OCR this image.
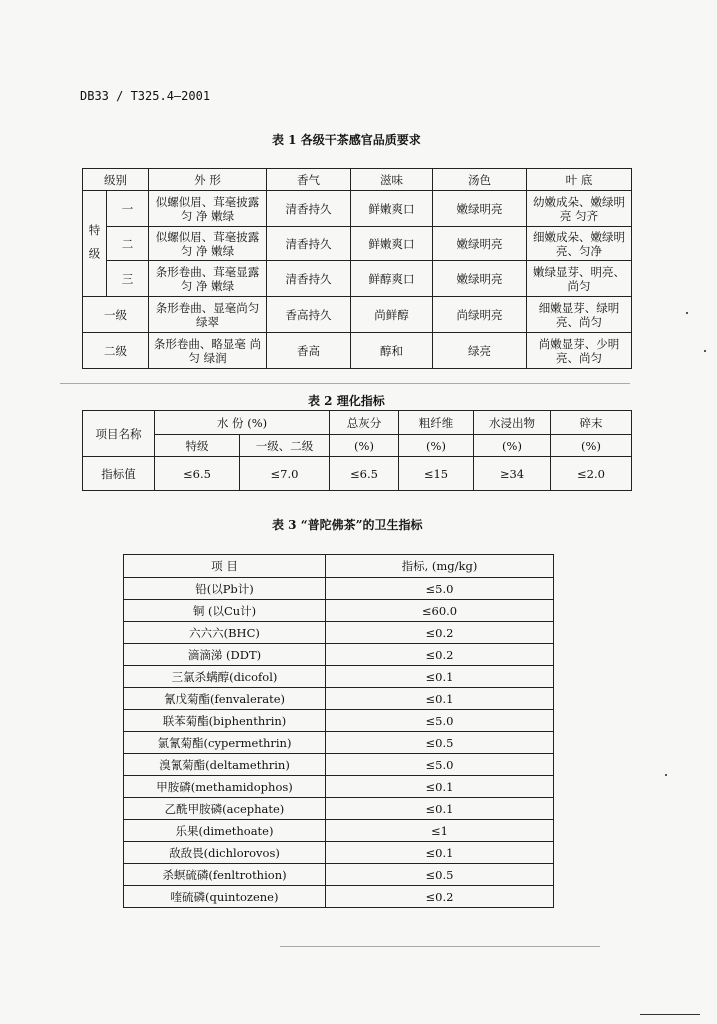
DB33 / T325.4—2001
表 1 各级干茶感官品质要求
级别		外 形	香气	滋味	汤色	叶 底
特 级	一	似螺似眉、茸毫披露 匀 净 嫩绿	清香持久	鲜嫩爽口	嫩绿明亮	幼嫩成朵、嫩绿明亮 匀齐
	二	似螺似眉、茸毫披露 匀 净 嫩绿	清香持久	鲜嫩爽口	嫩绿明亮	细嫩成朵、嫩绿明亮、匀净
	三	条形卷曲、茸毫显露 匀 净 嫩绿	清香持久	鲜醇爽口	嫩绿明亮	嫩绿显芽、明亮、尚匀
一级		条形卷曲、显毫尚匀 绿翠	香高持久	尚鲜醇	尚绿明亮	细嫩显芽、绿明亮、尚匀
二级		条形卷曲、略显毫 尚匀 绿润	香高	醇和	绿亮	尚嫩显芽、少明亮、尚匀
表 2 理化指标
项目名称	水 份 (%)		总灰分	粗纤维	水浸出物	碎末
	特级	一级、二级	(%)	(%)	(%)	(%)
指标值	≤6.5	≤7.0	≤6.5	≤15	≥34	≤2.0
表 3 “普陀佛茶”的卫生指标
项 目	指标, (mg/kg)
铅(以Pb计)	≤5.0
铜 (以Cu计)	≤60.0
六六六(BHC)	≤0.2
滴滴涕 (DDT)	≤0.2
三氯杀螨醇(dicofol)	≤0.1
氰戊菊酯(fenvalerate)	≤0.1
联苯菊酯(biphenthrin)	≤5.0
氯氰菊酯(cypermethrin)	≤0.5
溴氰菊酯(deltamethrin)	≤5.0
甲胺磷(methamidophos)	≤0.1
乙酰甲胺磷(acephate)	≤0.1
乐果(dimethoate)	≤1
敌敌畏(dichlorovos)	≤0.1
杀螟硫磷(fenltrothion)	≤0.5
喹硫磷(quintozene)	≤0.2
